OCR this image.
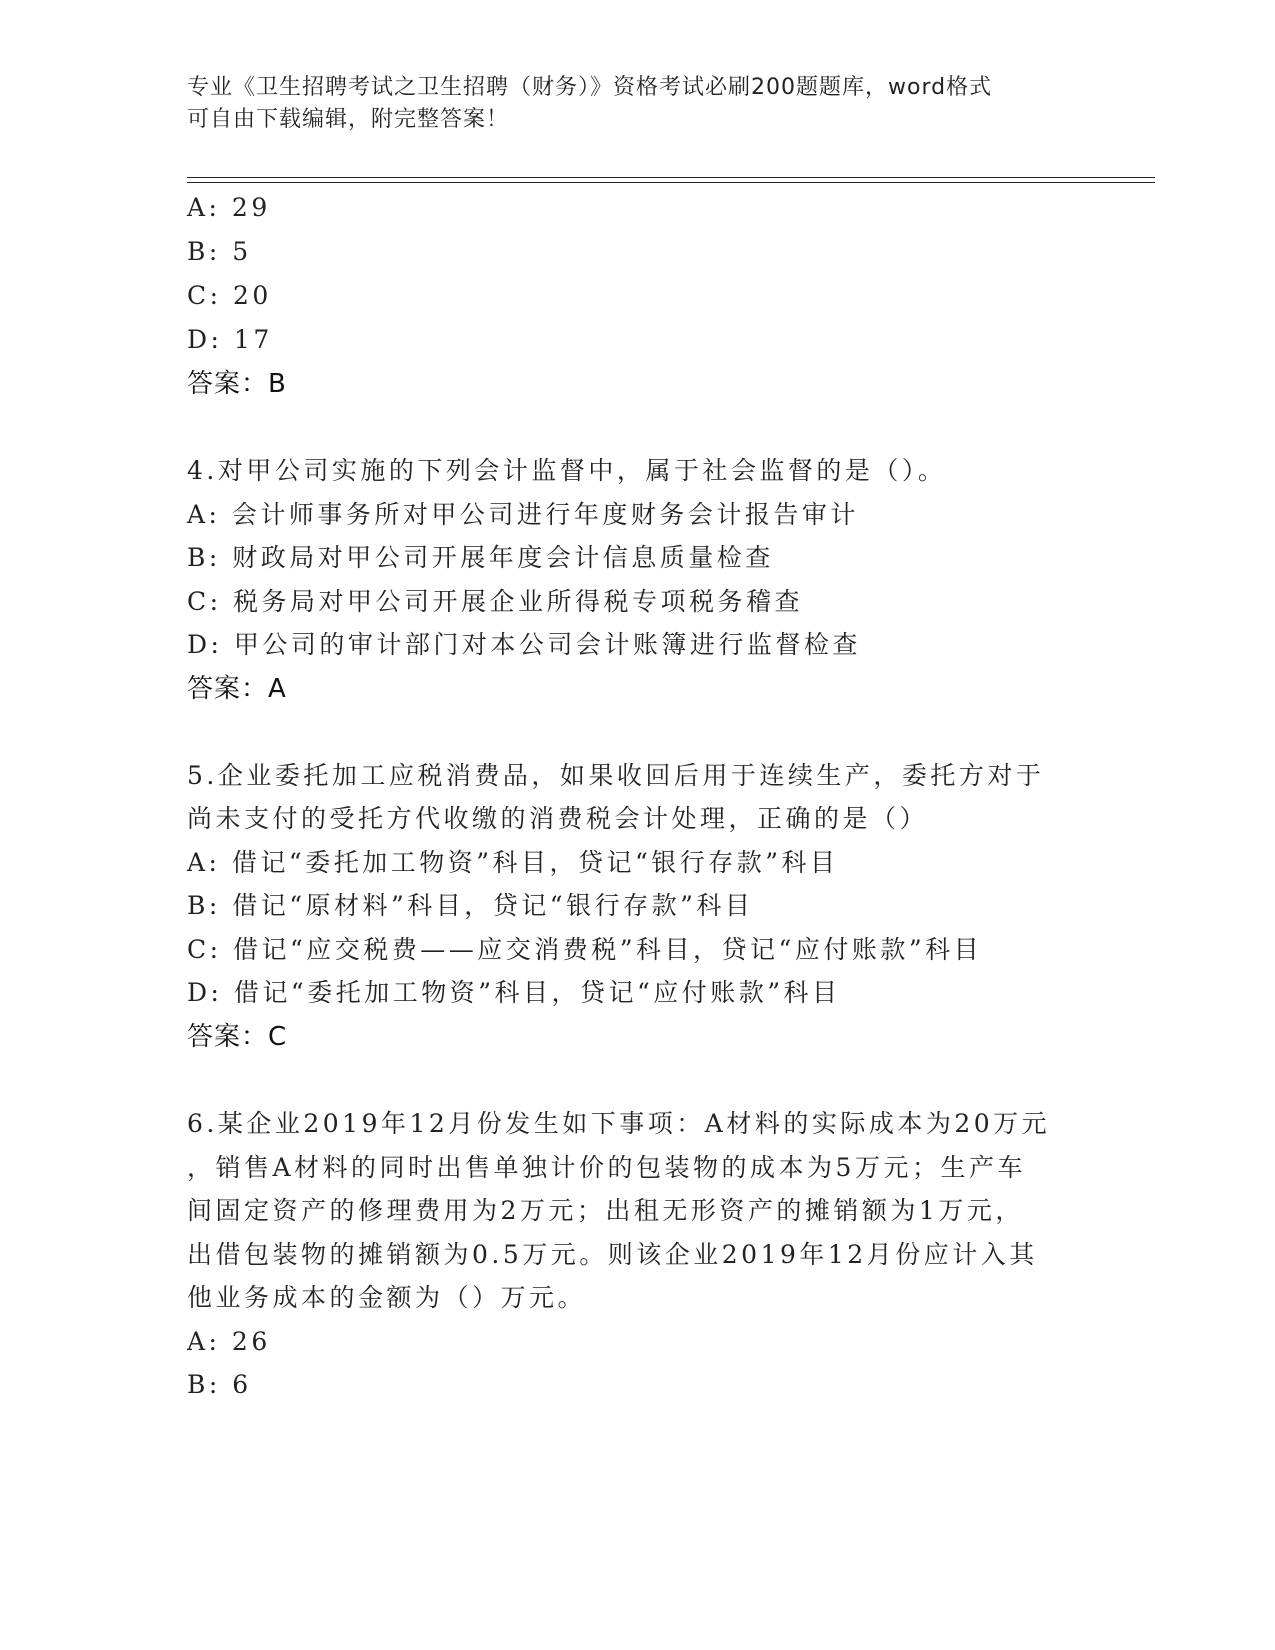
专业《卫生招聘考试之卫生招聘（财务）》资格考试必刷200题题库，word格式
可自由下载编辑，附完整答案！
A: 29
B: 5
C: 20
D: 17
答案：B
4.对甲公司实施的下列会计监督中，属于社会监督的是（）。
A: 会计师事务所对甲公司进行年度财务会计报告审计
B: 财政局对甲公司开展年度会计信息质量检查
C: 税务局对甲公司开展企业所得税专项税务稽查
D: 甲公司的审计部门对本公司会计账簿进行监督检查
答案：A
5.企业委托加工应税消费品，如果收回后用于连续生产，委托方对于
尚未支付的受托方代收缴的消费税会计处理，正确的是（）
A: 借记“委托加工物资”科目，贷记“银行存款”科目
B: 借记“原材料”科目，贷记“银行存款”科目
C: 借记“应交税费——应交消费税”科目，贷记“应付账款”科目
D: 借记“委托加工物资”科目，贷记“应付账款”科目
答案：C
6.某企业2019年12月份发生如下事项：A材料的实际成本为20万元
，销售A材料的同时出售单独计价的包装物的成本为5万元；生产车
间固定资产的修理费用为2万元；出租无形资产的摊销额为1万元，
出借包装物的摊销额为0.5万元。则该企业2019年12月份应计入其
他业务成本的金额为（）万元。
A: 26
B: 6
